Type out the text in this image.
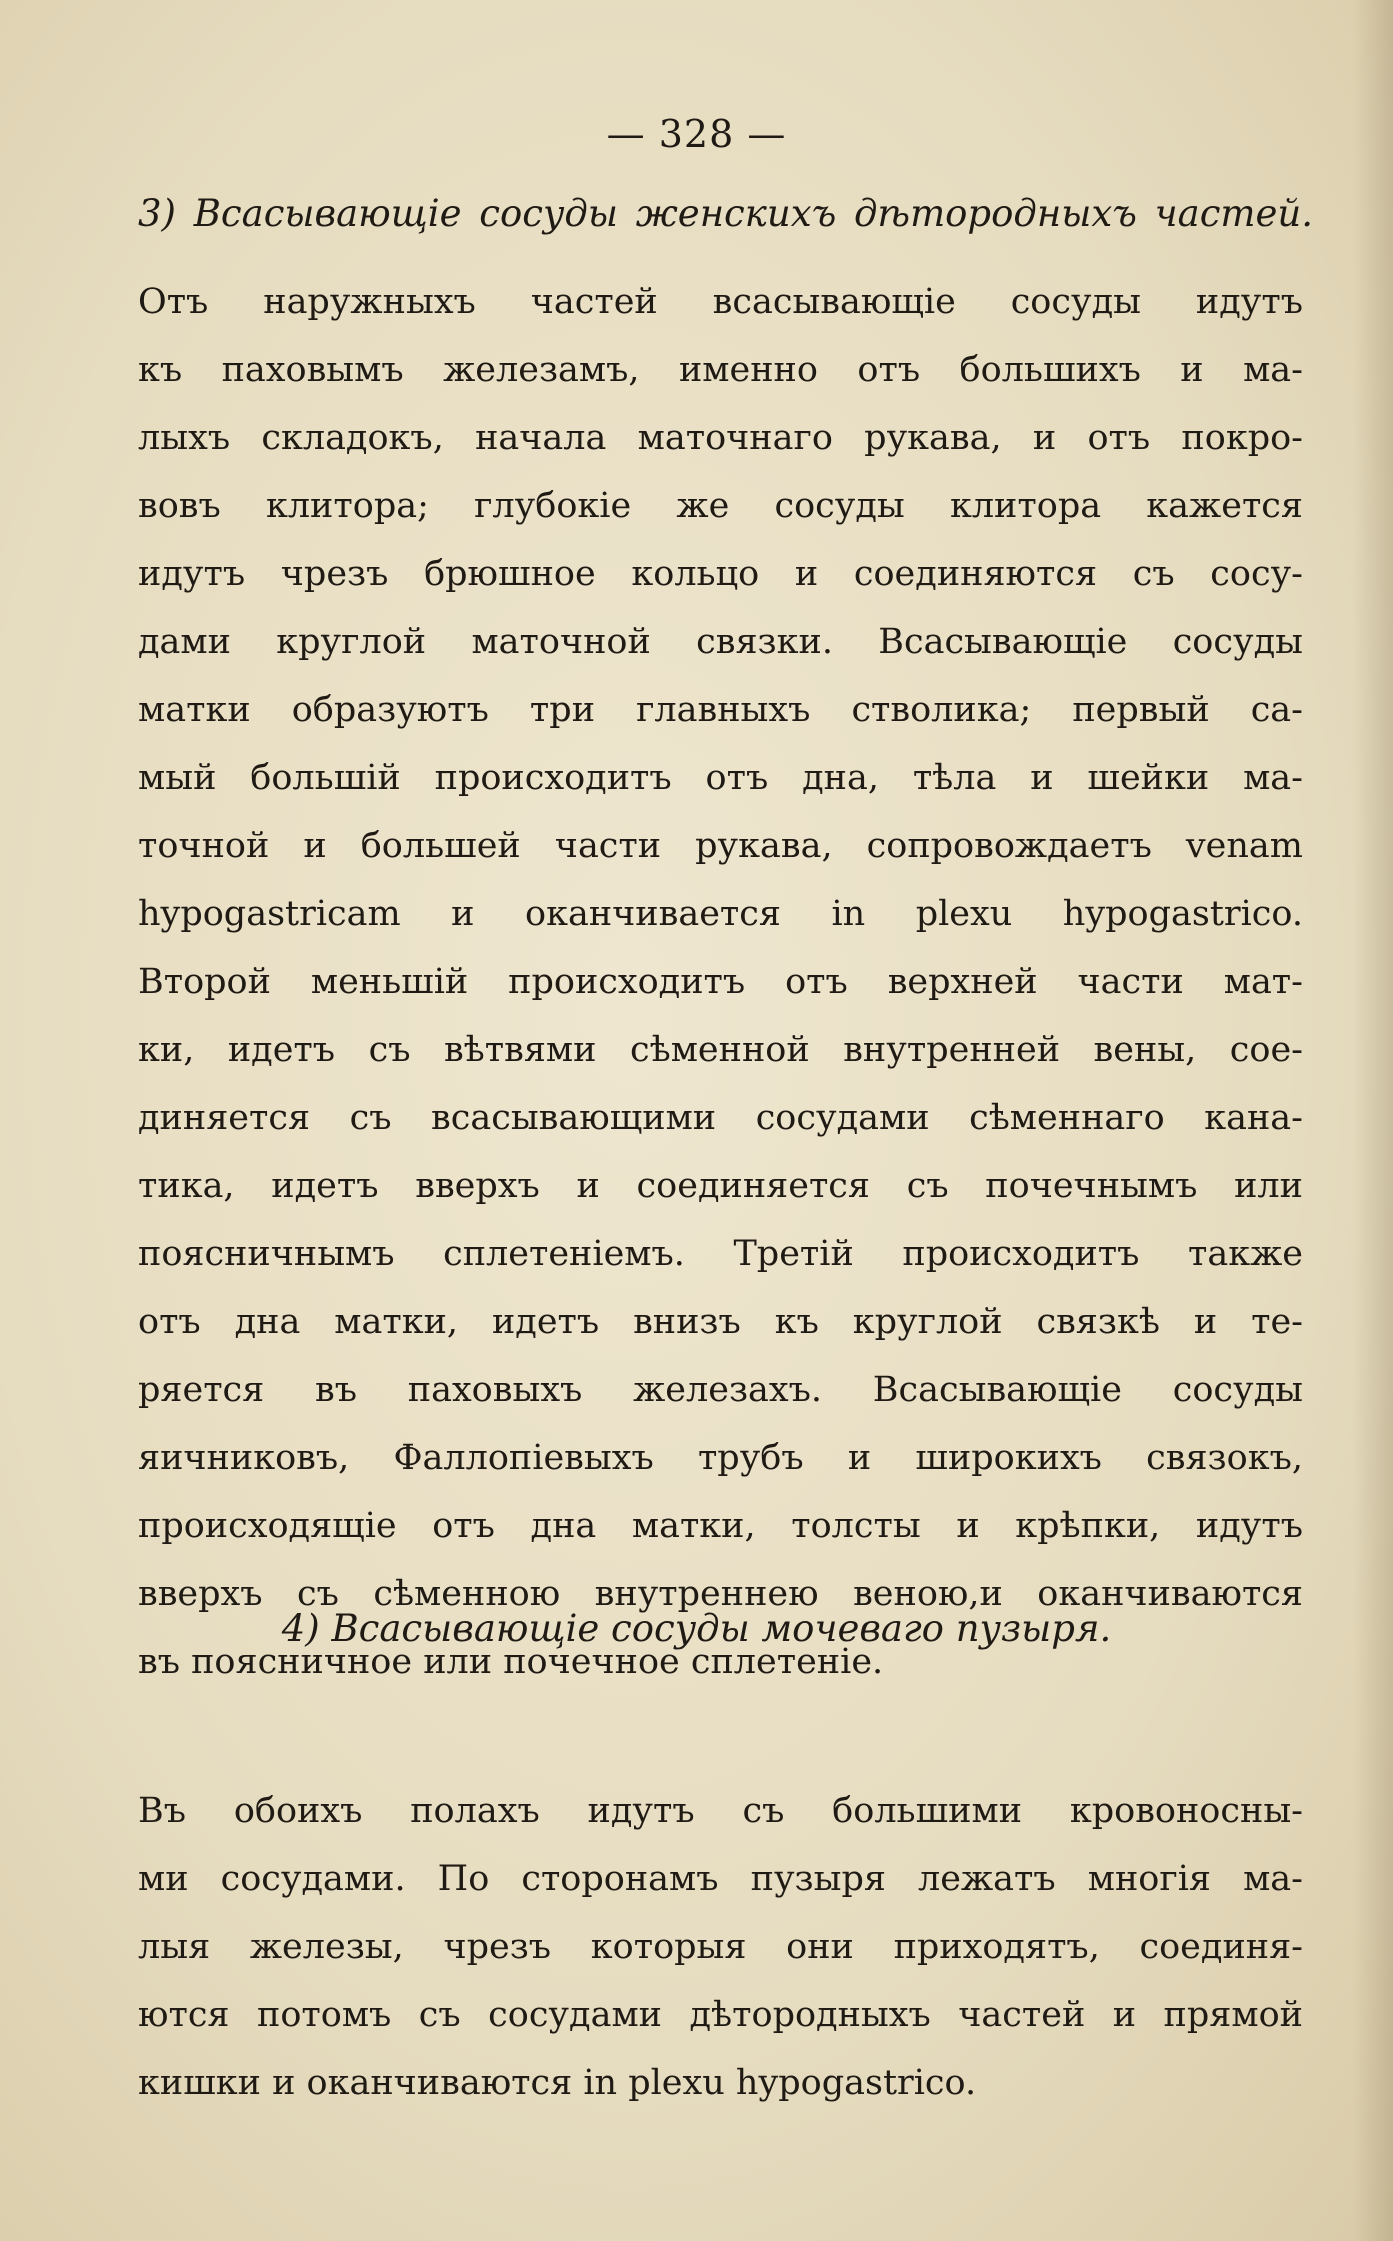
— 328 —
3) Всасывающіе сосуды женскихъ дѣтородныхъ частей.
Отъ наружныхъ частей всасывающіе сосуды идутъ
къ паховымъ железамъ, именно отъ большихъ и ма-
лыхъ складокъ, начала маточнаго рукава, и отъ покро-
вовъ клитора; глубокіе же сосуды клитора кажется
идутъ чрезъ брюшное кольцо и соединяются съ сосу-
дами круглой маточной связки. Всасывающіе сосуды
матки образуютъ три главныхъ стволика; первый са-
мый большій происходитъ отъ дна, тѣла и шейки ма-
точной и большей части рукава, сопровождаетъ venam
hypogastricam и оканчивается in plexu hypogastrico.
Второй меньшій происходитъ отъ верхней части мат-
ки, идетъ съ вѣтвями сѣменной внутренней вены, сое-
диняется съ всасывающими сосудами сѣменнаго кана-
тика, идетъ вверхъ и соединяется съ почечнымъ или
поясничнымъ сплетеніемъ. Третій происходитъ также
отъ дна матки, идетъ внизъ къ круглой связкѣ и те-
ряется въ паховыхъ железахъ. Всасывающіе сосуды
яичниковъ, Фаллопіевыхъ трубъ и широкихъ связокъ,
происходящіе отъ дна матки, толсты и крѣпки, идутъ
вверхъ съ сѣменною внутреннею веною,и оканчиваются
въ поясничное или почечное сплетеніе.
4) Всасывающіе сосуды мочеваго пузыря.
Въ обоихъ полахъ идутъ съ большими кровоносны-
ми сосудами. По сторонамъ пузыря лежатъ многія ма-
лыя железы, чрезъ которыя они приходятъ, соединя-
ются потомъ съ сосудами дѣтородныхъ частей и прямой
кишки и оканчиваются in plexu hypogastrico.
